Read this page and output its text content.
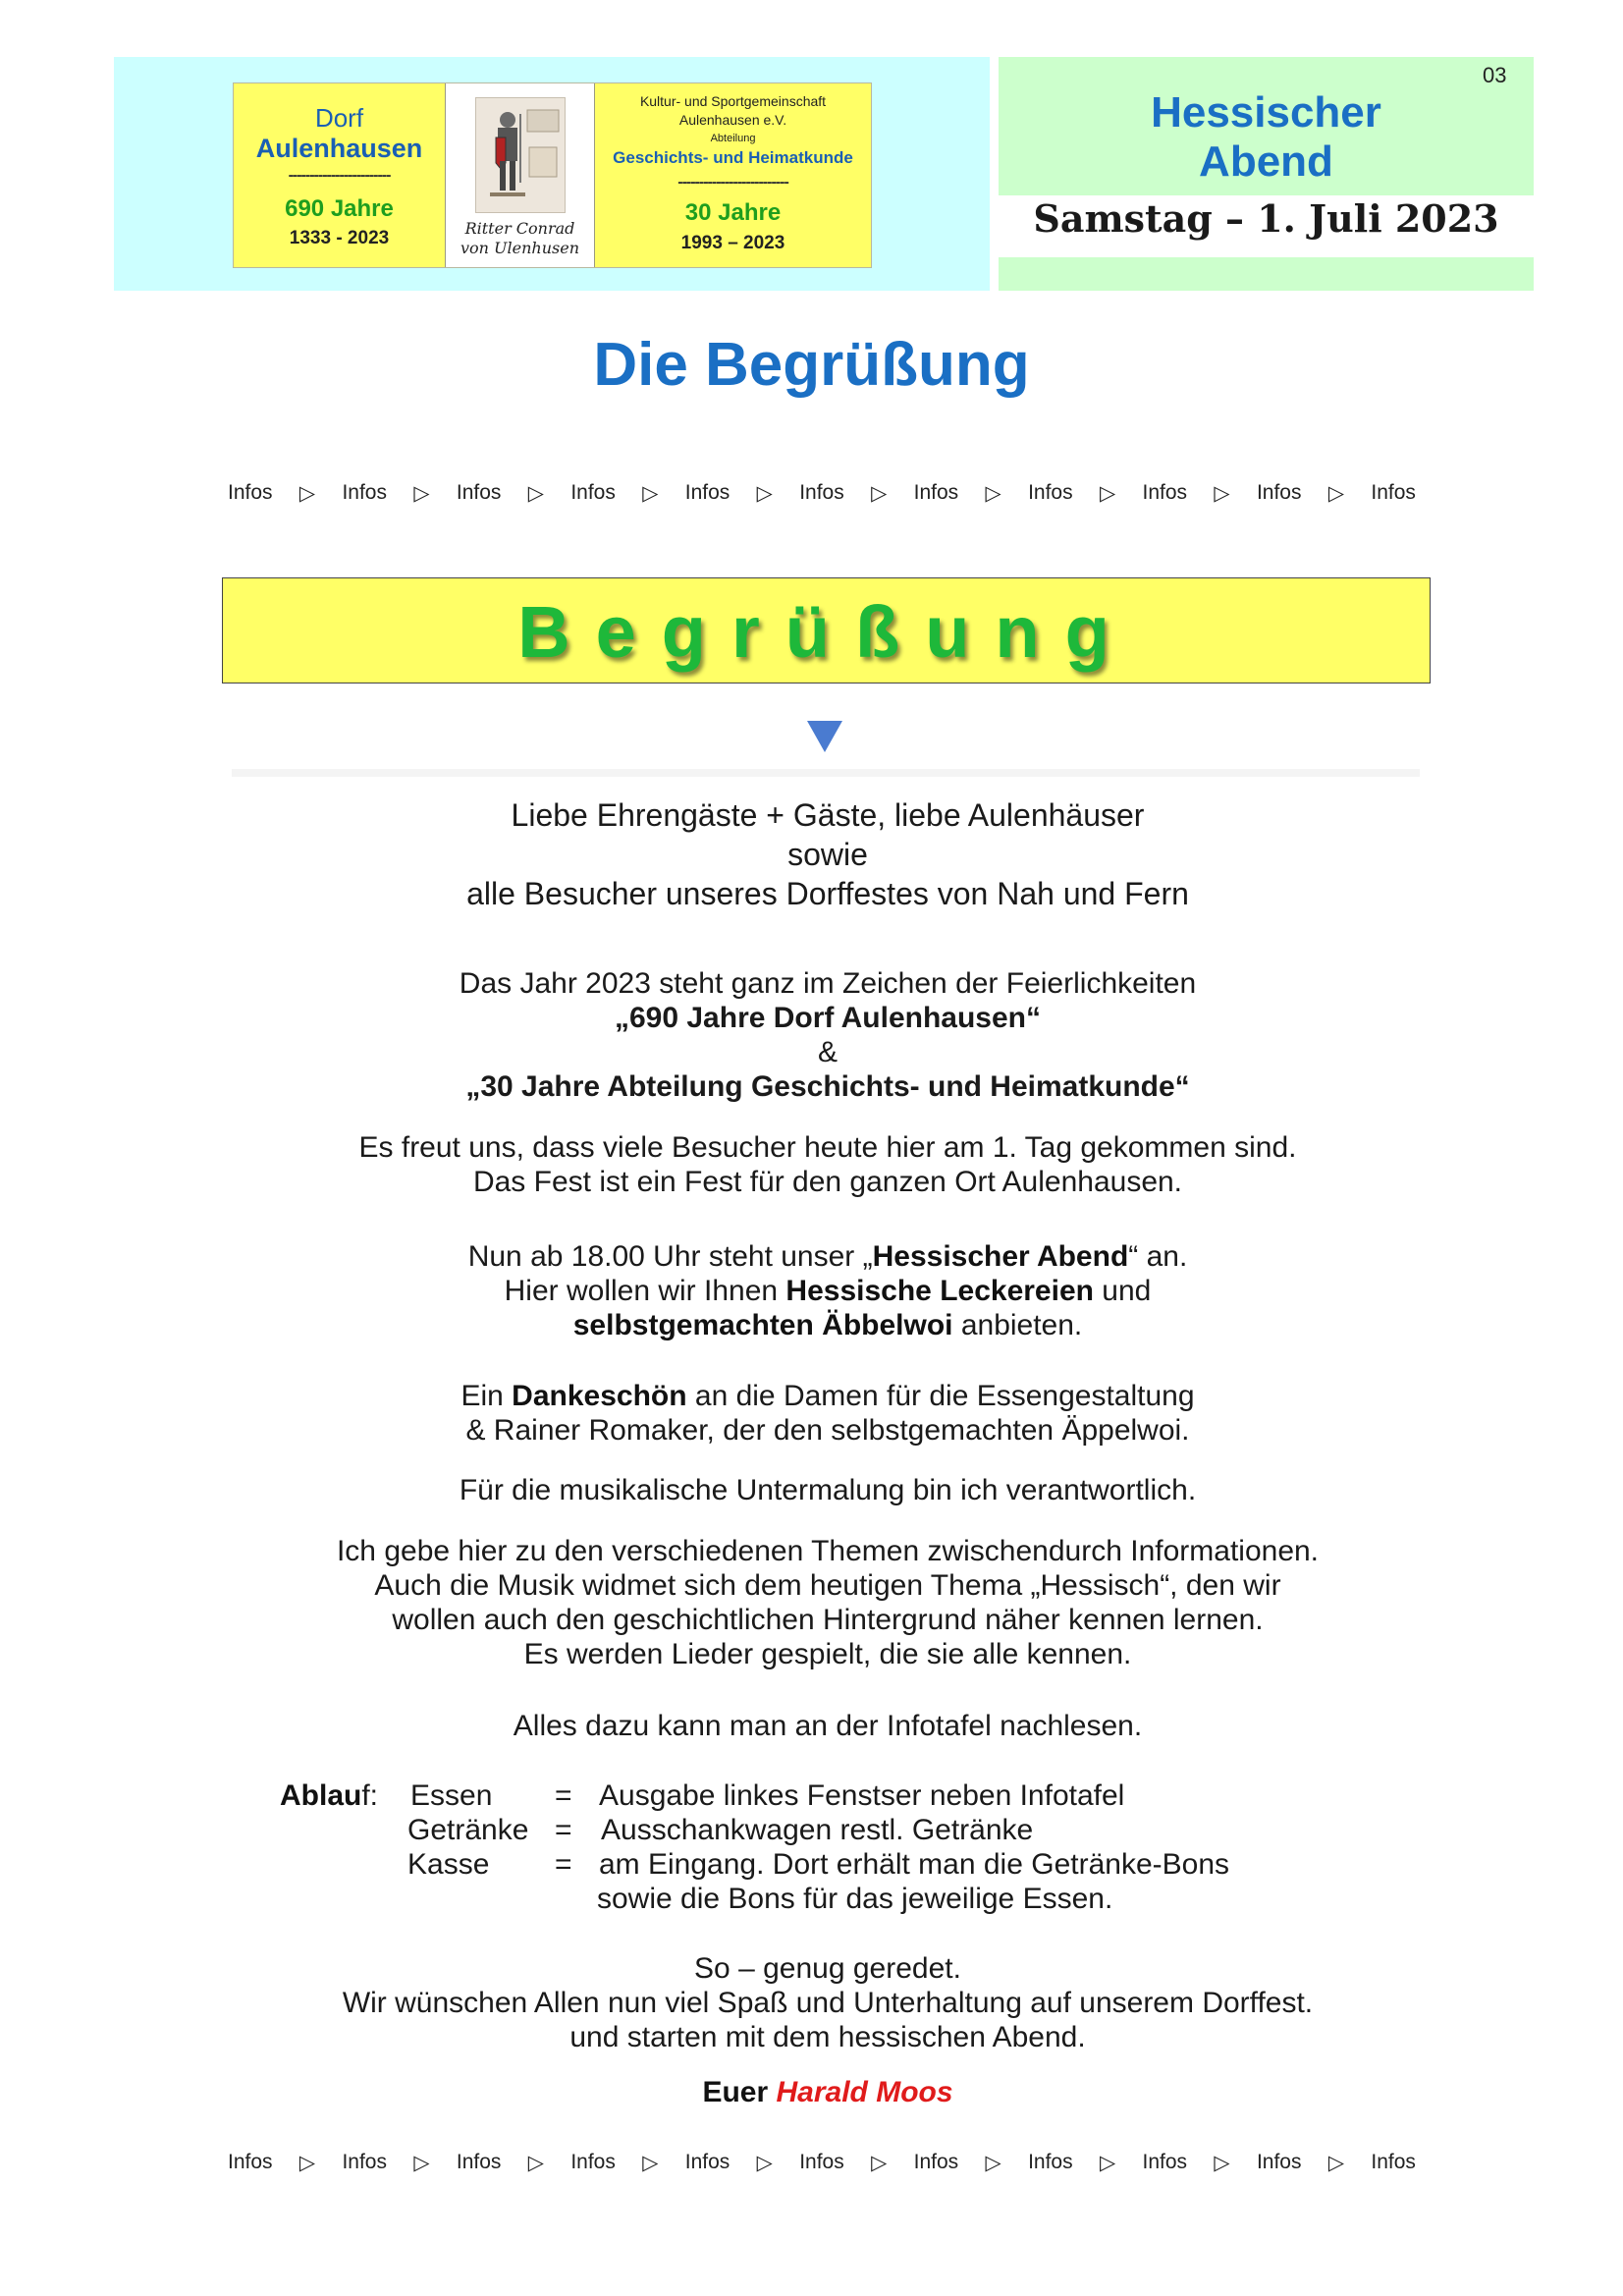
Dorf
Aulenhausen
------------------------
690 Jahre
1333 - 2023	Ritter Conrad
von Ulenhusen
Kultur- und Sportgemeinschaft
Aulenhausen e.V.
Abteilung
Geschichts- und Heimatkunde
--------------------------
30 Jahre
1993 – 2023
03
Hessischer
Abend
Samstag – 1. Juli 2023
Die Begrüßung
Infos ▷ Infos ▷ Infos ▷ Infos ▷ Infos ▷ Infos ▷ Infos ▷ Infos ▷ Infos ▷ Infos ▷ Infos
Begrüßung
Liebe Ehrengäste + Gäste, liebe Aulenhäuser
sowie
alle Besucher unseres Dorffestes von Nah und Fern
Das Jahr 2023 steht ganz im Zeichen der Feierlichkeiten
„690 Jahre Dorf Aulenhausen“
&
„30 Jahre Abteilung Geschichts- und Heimatkunde“
Es freut uns, dass viele Besucher heute hier am 1. Tag gekommen sind.
Das Fest ist ein Fest für den ganzen Ort Aulenhausen.
Nun ab 18.00 Uhr steht unser „Hessischer Abend“ an.
Hier wollen wir Ihnen Hessische Leckereien und
selbstgemachten Äbbelwoi anbieten.
Ein Dankeschön an die Damen für die Essengestaltung
& Rainer Romaker, der den selbstgemachten Äppelwoi.
Für die musikalische Untermalung bin ich verantwortlich.
Ich gebe hier zu den verschiedenen Themen zwischendurch Informationen.
Auch die Musik widmet sich dem heutigen Thema „Hessisch“, den wir
wollen auch den geschichtlichen Hintergrund näher kennen lernen.
Es werden Lieder gespielt, die sie alle kennen.
Alles dazu kann man an der Infotafel nachlesen.
Ablauf: Essen = Ausgabe linkes Fenstser neben Infotafel
Getränke = Ausschankwagen restl. Getränke
Kasse = am Eingang. Dort erhält man die Getränke-Bons
sowie die Bons für das jeweilige Essen.
So – genug geredet.
Wir wünschen Allen nun viel Spaß und Unterhaltung auf unserem Dorffest.
und starten mit dem hessischen Abend.
Euer Harald Moos
Infos ▷ Infos ▷ Infos ▷ Infos ▷ Infos ▷ Infos ▷ Infos ▷ Infos ▷ Infos ▷ Infos ▷ Infos
